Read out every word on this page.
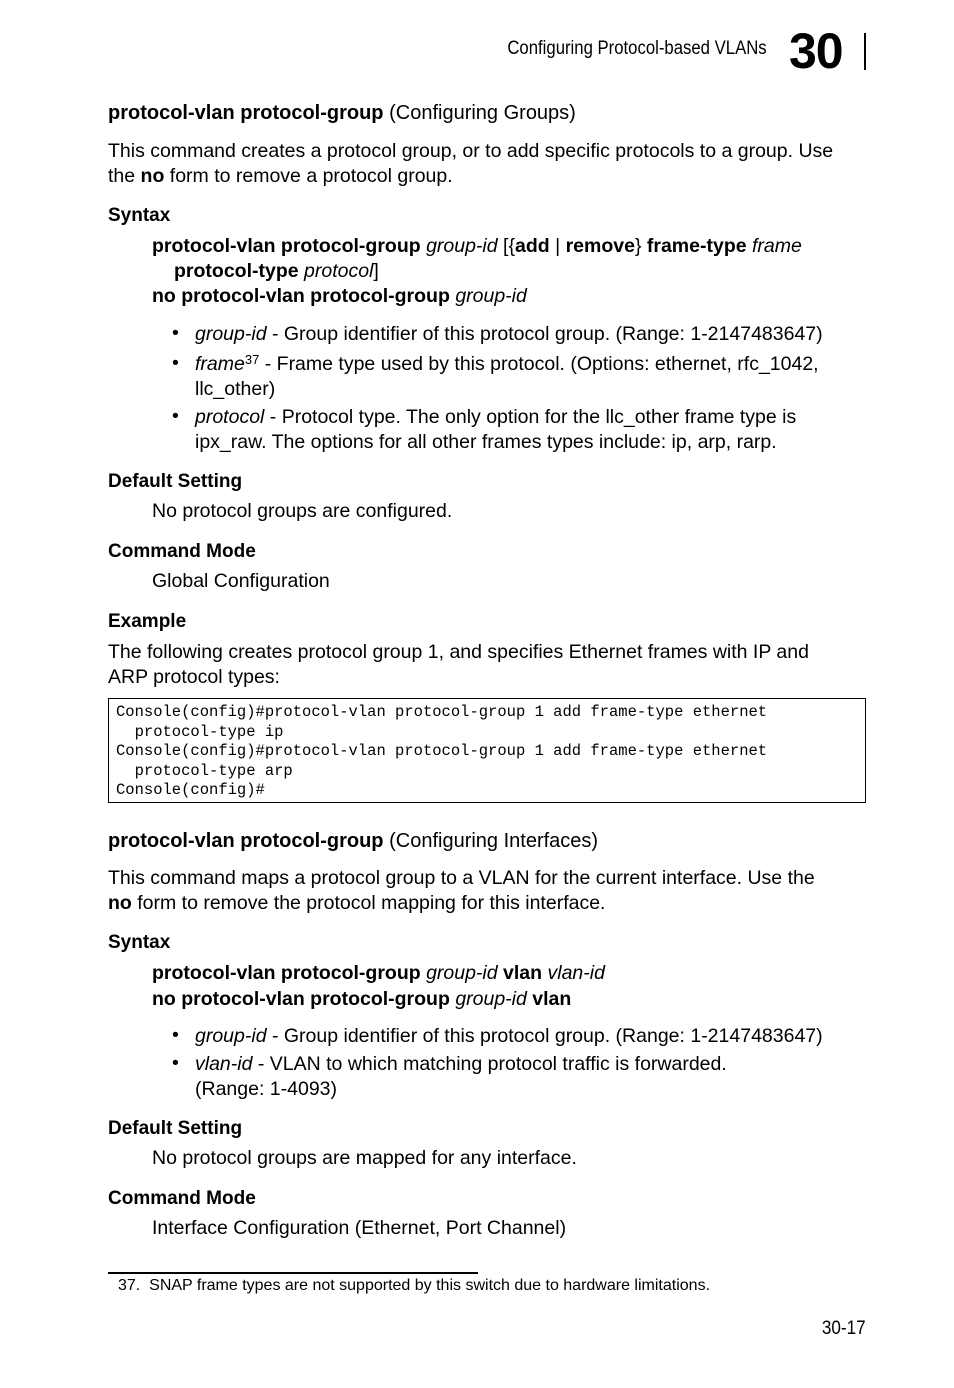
Configuring Protocol-based VLANs 30
protocol-vlan protocol-group (Configuring Groups)
This command creates a protocol group, or to add specific protocols to a group. Use
the no form to remove a protocol group.
Syntax
protocol-vlan protocol-group group-id [{add | remove} frame-type frame
protocol-type protocol]
no protocol-vlan protocol-group group-id
• group-id - Group identifier of this protocol group. (Range: 1-2147483647)
• frame$^{37}$ - Frame type used by this protocol. (Options: ethernet, rfc_1042,
llc_other)
• protocol - Protocol type. The only option for the llc_other frame type is
ipx_raw. The options for all other frames types include: ip, arp, rarp.
Default Setting
No protocol groups are configured.
Command Mode
Global Configuration
Example
The following creates protocol group 1, and specifies Ethernet frames with IP and
ARP protocol types:
Console(config)#protocol-vlan protocol-group 1 add frame-type ethernet
protocol-type ip
Console(config)#protocol-vlan protocol-group 1 add frame-type ethernet
protocol-type arp
Console(config)#
protocol-vlan protocol-group (Configuring Interfaces)
This command maps a protocol group to a VLAN for the current interface. Use the
no form to remove the protocol mapping for this interface.
Syntax
protocol-vlan protocol-group group-id vlan vlan-id
no protocol-vlan protocol-group group-id vlan
• group-id - Group identifier of this protocol group. (Range: 1-2147483647)
• vlan-id - VLAN to which matching protocol traffic is forwarded.
(Range: 1-4093)
Default Setting
No protocol groups are mapped for any interface.
Command Mode
Interface Configuration (Ethernet, Port Channel)
37. SNAP frame types are not supported by this switch due to hardware limitations.
30-17
